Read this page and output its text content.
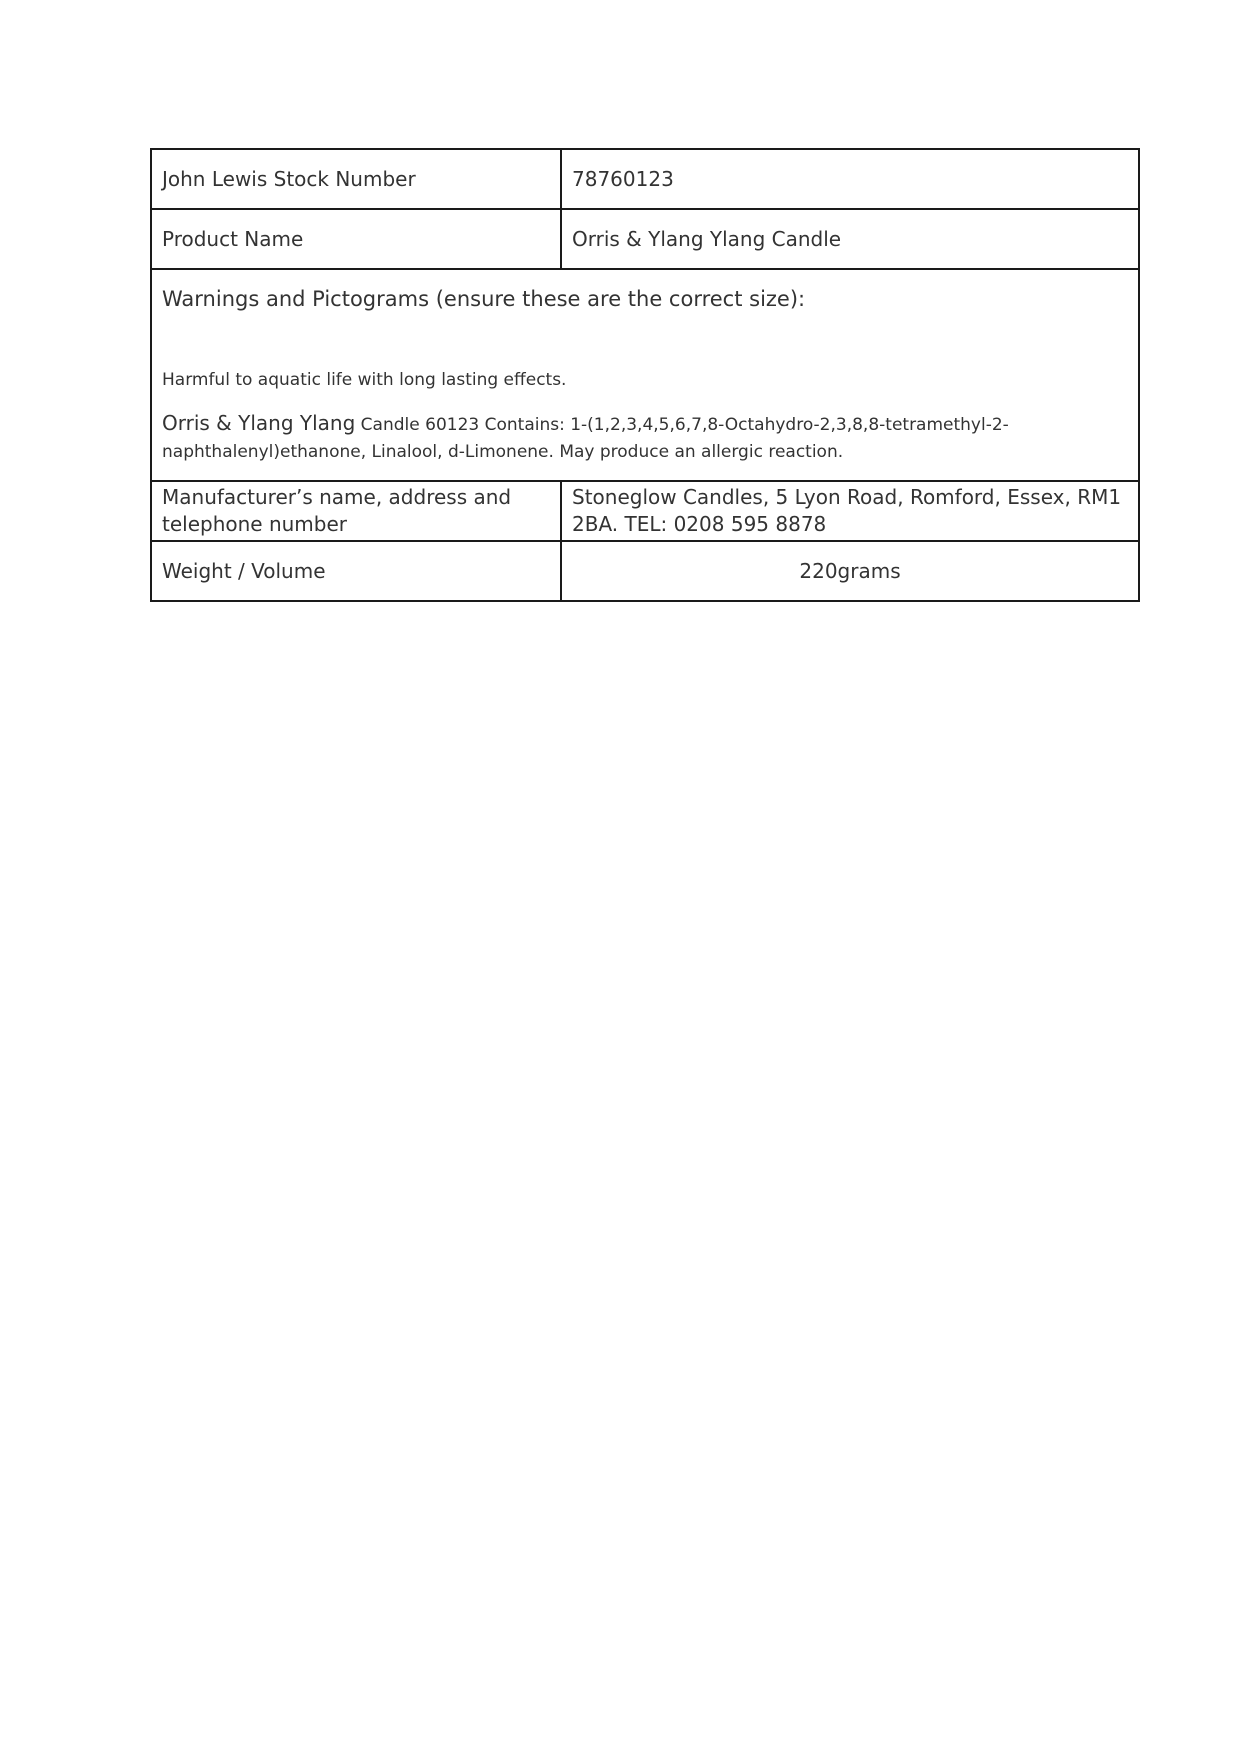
John Lewis Stock Number	78760123
Product Name	Orris & Ylang Ylang Candle

Warnings and Pictograms (ensure these are the correct size):
Harmful to aquatic life with long lasting effects.
Orris & Ylang Ylang Candle 60123 Contains: 1-(1,2,3,4,5,6,7,8-Octahydro-2,3,8,8-tetramethyl-2-naphthalenyl)ethanone, Linalool, d-Limonene. May produce an allergic reaction.	

Manufacturer’s name, address and telephone number	Stoneglow Candles, 5 Lyon Road, Romford, Essex, RM1 2BA. TEL: 0208 595 8878
Weight / Volume	220grams
